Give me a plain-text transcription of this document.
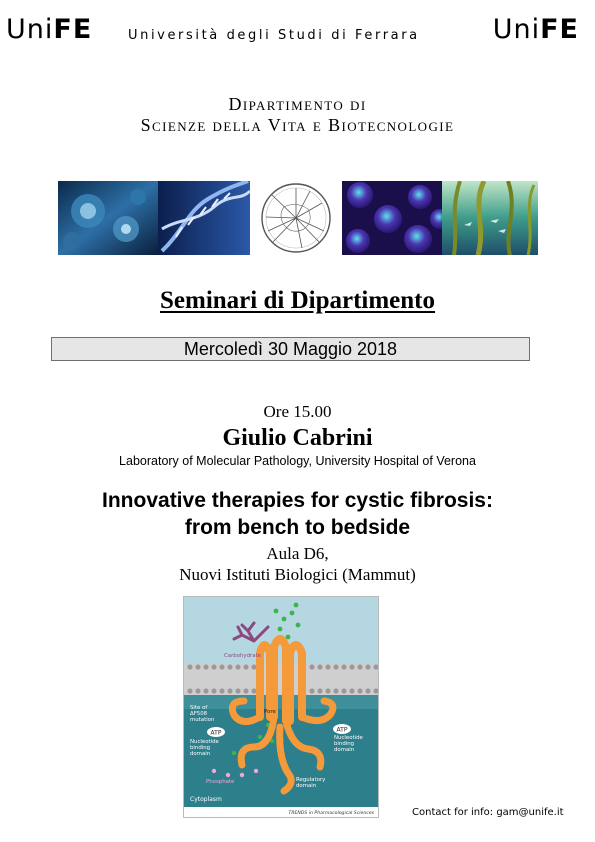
UniFE	Università degli Studi di Ferrara	UniFE
Dipartimento di
Scienze della Vita e Biotecnologie
Seminari di Dipartimento
Mercoledì 30 Maggio 2018
Ore 15.00
Giulio Cabrini
Laboratory of Molecular Pathology, University Hospital of Verona
Innovative therapies for cystic fibrosis:
from bench to bedside
Aula D6,
Nuovi Istituti Biologici (Mammut)
ATP	ATP
Carbohydrate
Pore
Site of
ΔF508
mutation
Nucleotide
binding
domain
Nucleotide
binding
domain
Phosphate	Regulatory
domain
Cytoplasm
TRENDS in Pharmacological Sciences	Contact for info: gam@unife.it
